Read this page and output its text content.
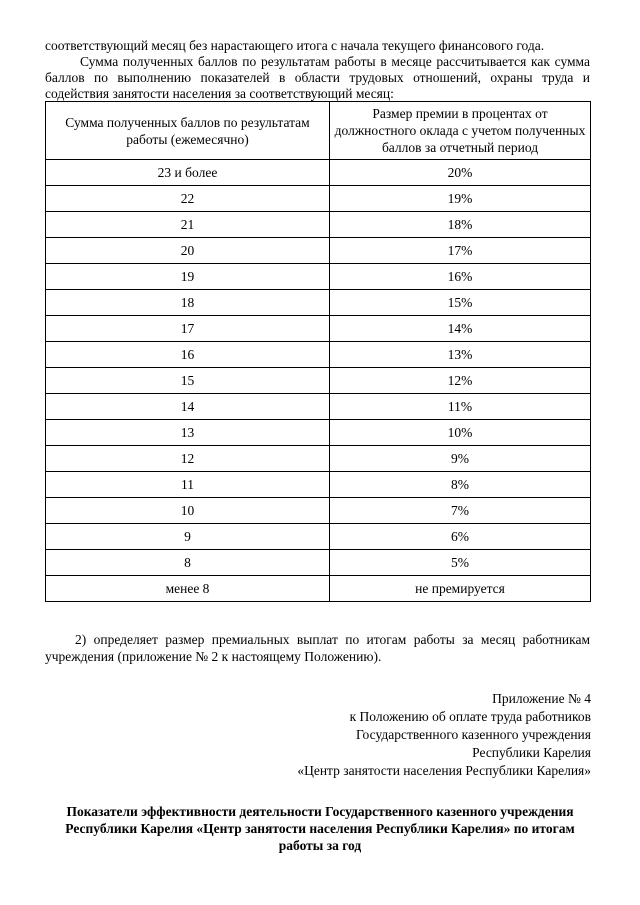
соответствующий месяц без нарастающего итога с начала текущего финансового года.

Сумма полученных баллов по результатам работы в месяце рассчитывается как сумма баллов по выполнению показателей в области трудовых отношений, охраны труда и содействия занятости населения за соответствующий месяц:

Сумма полученных баллов по результатам работы (ежемесячно)	Размер премии в процентах от должностного оклада с учетом полученных баллов за отчетный период
23 и более	20%
22	19%
21	18%
20	17%
19	16%
18	15%
17	14%
16	13%
15	12%
14	11%
13	10%
12	9%
11	8%
10	7%
9	6%
8	5%
менее 8	не премируется

2) определяет размер премиальных выплат по итогам работы за месяц работникам учреждения (приложение № 2 к настоящему Положению).

Приложение № 4
к Положению об оплате труда работников
Государственного казенного учреждения
Республики Карелия
«Центр занятости населения Республики Карелия»
Показатели эффективности деятельности Государственного казенного учреждения
Республики Карелия «Центр занятости населения Республики Карелия» по итогам
работы за год
